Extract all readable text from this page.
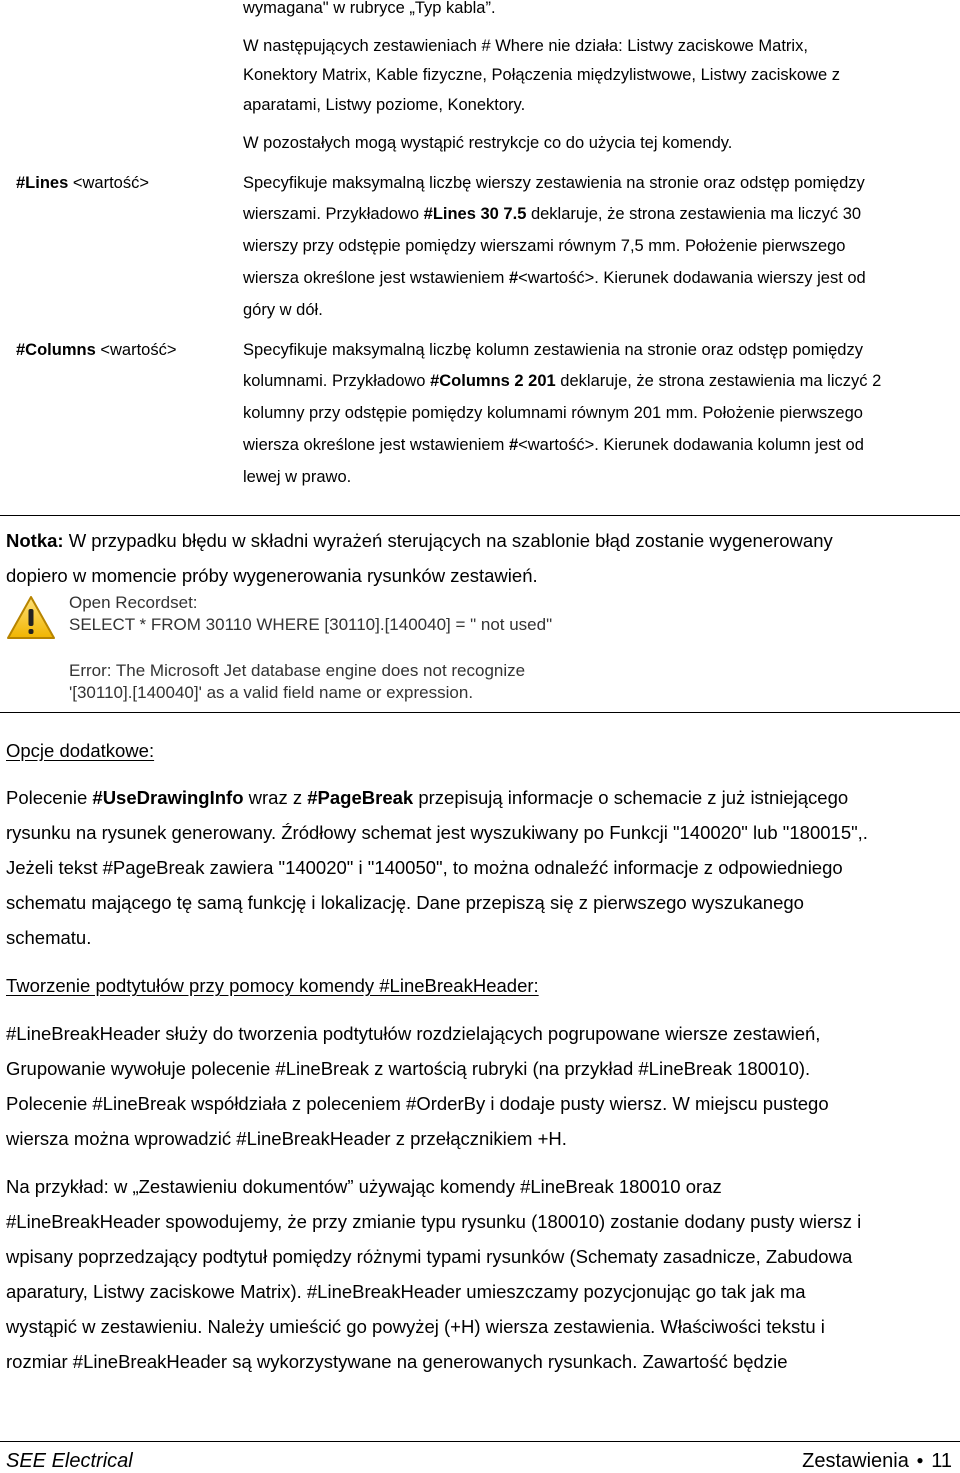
wymagana" w rubryce „Typ kabla”.
W następujących zestawieniach # Where nie działa: Listwy zaciskowe Matrix,
Konektory Matrix, Kable fizyczne, Połączenia międzylistwowe, Listwy zaciskowe z
aparatami, Listwy poziome, Konektory.
W pozostałych mogą wystąpić restrykcje co do użycia tej komendy.
#Lines <wartość>	Specyfikuje maksymalną liczbę wierszy zestawienia na stronie oraz odstęp pomiędzy
wierszami. Przykładowo #Lines 30 7.5 deklaruje, że strona zestawienia ma liczyć 30
wierszy przy odstępie pomiędzy wierszami równym 7,5 mm. Położenie pierwszego
wiersza określone jest wstawieniem #<wartość>. Kierunek dodawania wierszy jest od
góry w dół.
#Columns <wartość>	Specyfikuje maksymalną liczbę kolumn zestawienia na stronie oraz odstęp pomiędzy
kolumnami. Przykładowo #Columns 2 201 deklaruje, że strona zestawienia ma liczyć 2
kolumny przy odstępie pomiędzy kolumnami równym 201 mm. Położenie pierwszego
wiersza określone jest wstawieniem #<wartość>. Kierunek dodawania kolumn jest od
lewej w prawo.
Notka: W przypadku błędu w składni wyrażeń sterujących na szablonie błąd zostanie wygenerowany
dopiero w momencie próby wygenerowania rysunków zestawień.
Open Recordset:
SELECT * FROM 30110 WHERE [30110].[140040] = " not used"
Error: The Microsoft Jet database engine does not recognize
'[30110].[140040]' as a valid field name or expression.
Opcje dodatkowe:
Polecenie #UseDrawingInfo wraz z #PageBreak przepisują informacje o schemacie z już istniejącego
rysunku na rysunek generowany. Źródłowy schemat jest wyszukiwany po Funkcji "140020" lub "180015",.
Jeżeli tekst #PageBreak zawiera "140020" i "140050", to można odnaleźć informacje z odpowiedniego
schematu mającego tę samą funkcję i lokalizację. Dane przepiszą się z pierwszego wyszukanego
schematu.
Tworzenie podtytułów przy pomocy komendy #LineBreakHeader:
#LineBreakHeader służy do tworzenia podtytułów rozdzielających pogrupowane wiersze zestawień,
Grupowanie wywołuje polecenie #LineBreak z wartością rubryki (na przykład #LineBreak 180010).
Polecenie #LineBreak współdziała z poleceniem #OrderBy i dodaje pusty wiersz. W miejscu pustego
wiersza można wprowadzić #LineBreakHeader z przełącznikiem +H.
Na przykład: w „Zestawieniu dokumentów” używając komendy #LineBreak 180010 oraz
#LineBreakHeader spowodujemy, że przy zmianie typu rysunku (180010) zostanie dodany pusty wiersz i
wpisany poprzedzający podtytuł pomiędzy różnymi typami rysunków (Schematy zasadnicze, Zabudowa
aparatury, Listwy zaciskowe Matrix). #LineBreakHeader umieszczamy pozycjonując go tak jak ma
wystąpić w zestawieniu. Należy umieścić go powyżej (+H) wiersza zestawienia. Właściwości tekstu i
rozmiar #LineBreakHeader są wykorzystywane na generowanych rysunkach. Zawartość będzie
SEE Electrical	Zestawienia ● 11
